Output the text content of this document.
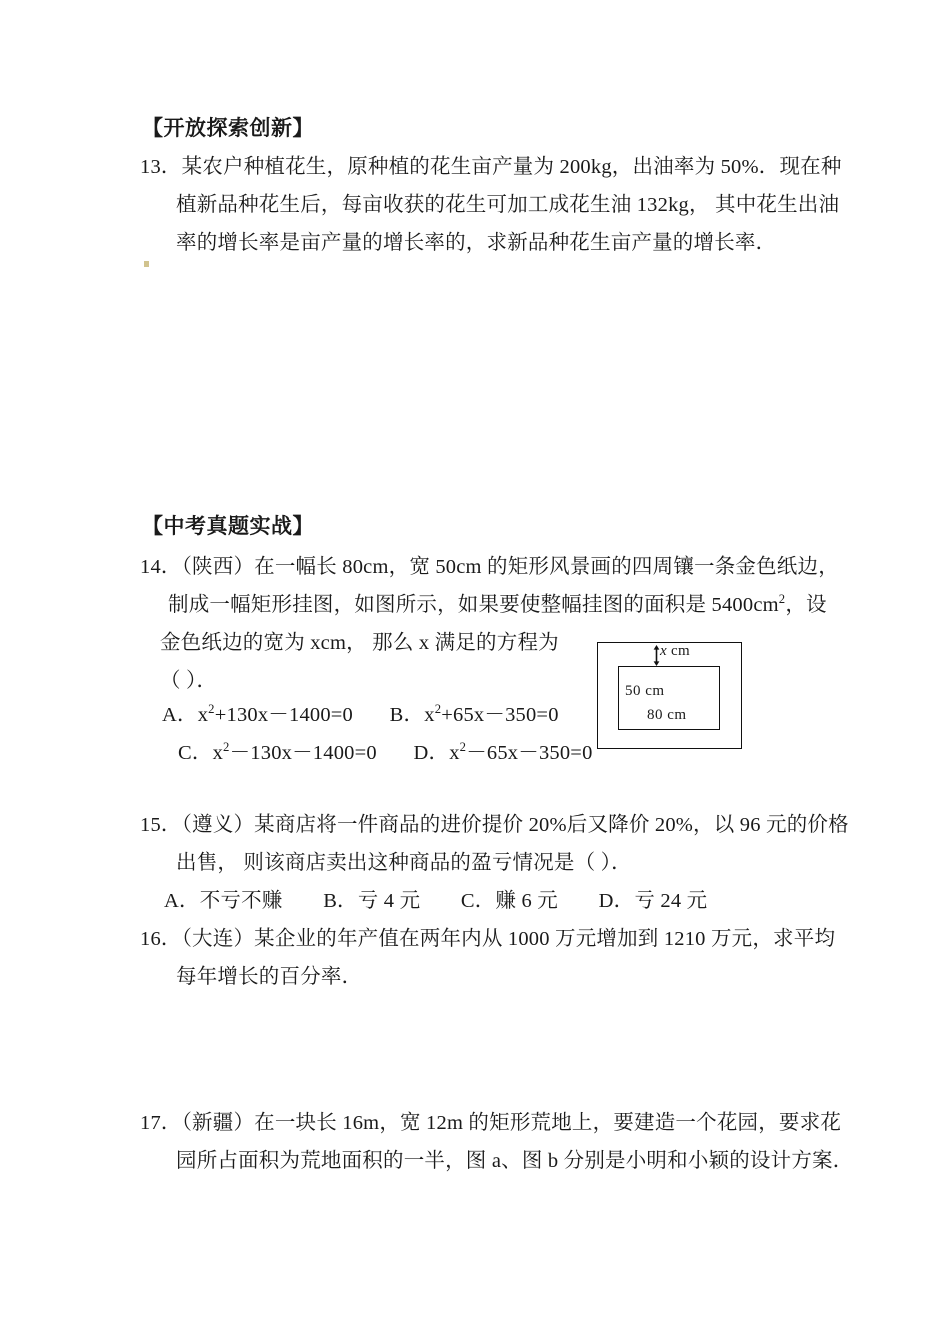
【开放探索创新】
13．某农户种植花生，原种植的花生亩产量为 200kg，出油率为 50%．现在种
植新品种花生后，每亩收获的花生可加工成花生油 132kg， 其中花生出油
率的增长率是亩产量的增长率的，求新品种花生亩产量的增长率．
【中考真题实战】
14．（陕西）在一幅长 80cm，宽 50cm 的矩形风景画的四周镶一条金色纸边，
制成一幅矩形挂图，如图所示，如果要使整幅挂图的面积是 $5400cm^2$，设
金色纸边的宽为 xcm， 那么 x 满足的方程为
（ ）．
A．$x^2+130x-1400=0$ B．$x^2+65x-350=0$
C．$x^2-130x-1400=0$ D．$x^2-65x-350=0$
x cm
50 cm
80 cm
15．（遵义）某商店将一件商品的进价提价 20%后又降价 20%，以 96 元的价格
出售， 则该商店卖出这种商品的盈亏情况是（ ）．
A．不亏不赚 B．亏 4 元 C．赚 6 元 D．亏 24 元
16．（大连）某企业的年产值在两年内从 1000 万元增加到 1210 万元，求平均
每年增长的百分率．
17．（新疆）在一块长 16m，宽 12m 的矩形荒地上，要建造一个花园，要求花
园所占面积为荒地面积的一半，图 a、图 b 分别是小明和小颖的设计方案．
